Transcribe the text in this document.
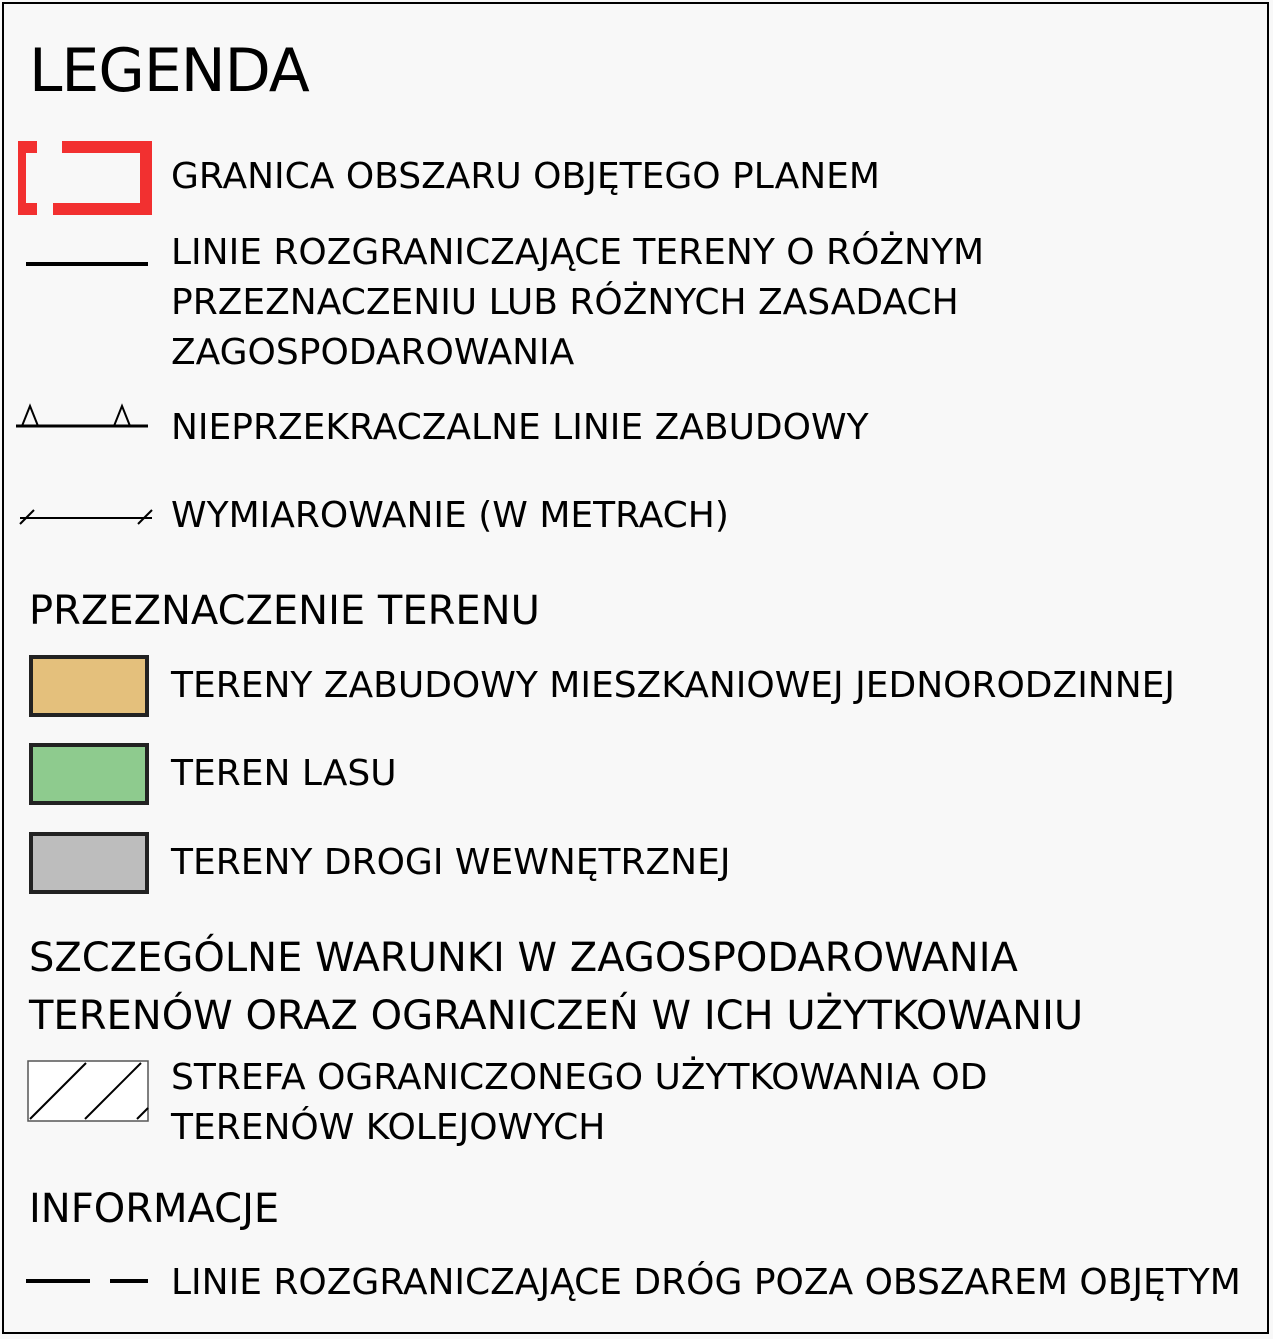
LEGENDA

GRANICA OBSZARU OBJĘTEGO PLANEM

LINIE ROZGRANICZAJĄCE TERENY O RÓŻNYM

PRZEZNACZENIU LUB RÓŻNYCH ZASADACH

ZAGOSPODAROWANIA

NIEPRZEKRACZALNE LINIE ZABUDOWY

WYMIAROWANIE (W METRACH)

PRZEZNACZENIE TERENU

TERENY ZABUDOWY MIESZKANIOWEJ JEDNORODZINNEJ

TEREN LASU

TERENY DROGI WEWNĘTRZNEJ

SZCZEGÓLNE WARUNKI W ZAGOSPODAROWANIA
TERENÓW ORAZ OGRANICZEŃ W ICH UŻYTKOWANIU

STREFA OGRANICZONEGO UŻYTKOWANIA OD

TERENÓW KOLEJOWYCH

INFORMACJE

LINIE ROZGRANICZAJĄCE DRÓG POZA OBSZAREM OBJĘTYM
